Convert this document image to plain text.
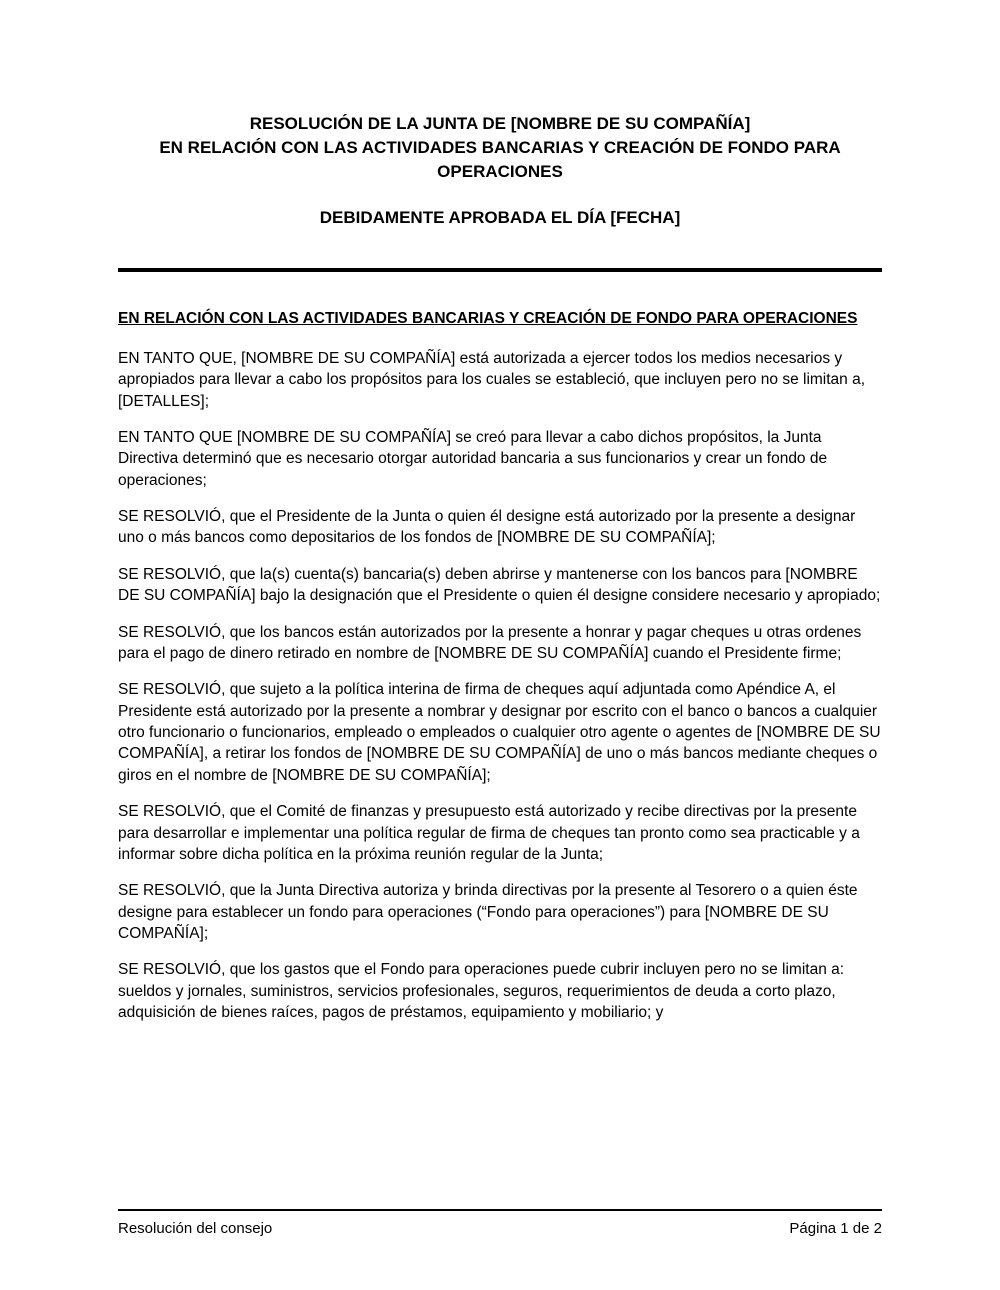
RESOLUCIÓN DE LA JUNTA DE [NOMBRE DE SU COMPAÑÍA]
EN RELACIÓN CON LAS ACTIVIDADES BANCARIAS Y CREACIÓN DE FONDO PARA OPERACIONES
DEBIDAMENTE APROBADA EL DÍA [FECHA]
EN RELACIÓN CON LAS ACTIVIDADES BANCARIAS Y CREACIÓN DE FONDO PARA OPERACIONES

EN TANTO QUE, [NOMBRE DE SU COMPAÑÍA] está autorizada a ejercer todos los medios necesarios y apropiados para llevar a cabo los propósitos para los cuales se estableció, que incluyen pero no se limitan a, [DETALLES];

EN TANTO QUE [NOMBRE DE SU COMPAÑÍA] se creó para llevar a cabo dichos propósitos, la Junta Directiva determinó que es necesario otorgar autoridad bancaria a sus funcionarios y crear un fondo de operaciones;

SE RESOLVIÓ, que el Presidente de la Junta o quien él designe está autorizado por la presente a designar uno o más bancos como depositarios de los fondos de [NOMBRE DE SU COMPAÑÍA];

SE RESOLVIÓ, que la(s) cuenta(s) bancaria(s) deben abrirse y mantenerse con los bancos para [NOMBRE DE SU COMPAÑÍA] bajo la designación que el Presidente o quien él designe considere necesario y apropiado;

SE RESOLVIÓ, que los bancos están autorizados por la presente a honrar y pagar cheques u otras ordenes para el pago de dinero retirado en nombre de [NOMBRE DE SU COMPAÑÍA] cuando el Presidente firme;

SE RESOLVIÓ, que sujeto a la política interina de firma de cheques aquí adjuntada como Apéndice A, el Presidente está autorizado por la presente a nombrar y designar por escrito con el banco o bancos a cualquier otro funcionario o funcionarios, empleado o empleados o cualquier otro agente o agentes de [NOMBRE DE SU COMPAÑÍA], a retirar los fondos de [NOMBRE DE SU COMPAÑÍA] de uno o más bancos mediante cheques o giros en el nombre de [NOMBRE DE SU COMPAÑÍA];

SE RESOLVIÓ, que el Comité de finanzas y presupuesto está autorizado y recibe directivas por la presente para desarrollar e implementar una política regular de firma de cheques tan pronto como sea practicable y a informar sobre dicha política en la próxima reunión regular de la Junta;

SE RESOLVIÓ, que la Junta Directiva autoriza y brinda directivas por la presente al Tesorero o a quien éste designe para establecer un fondo para operaciones (“Fondo para operaciones”) para [NOMBRE DE SU COMPAÑÍA];

SE RESOLVIÓ, que los gastos que el Fondo para operaciones puede cubrir incluyen pero no se limitan a: sueldos y jornales, suministros, servicios profesionales, seguros, requerimientos de deuda a corto plazo, adquisición de bienes raíces, pagos de préstamos, equipamiento y mobiliario; y

Resolución del consejo	Página 1 de 2
